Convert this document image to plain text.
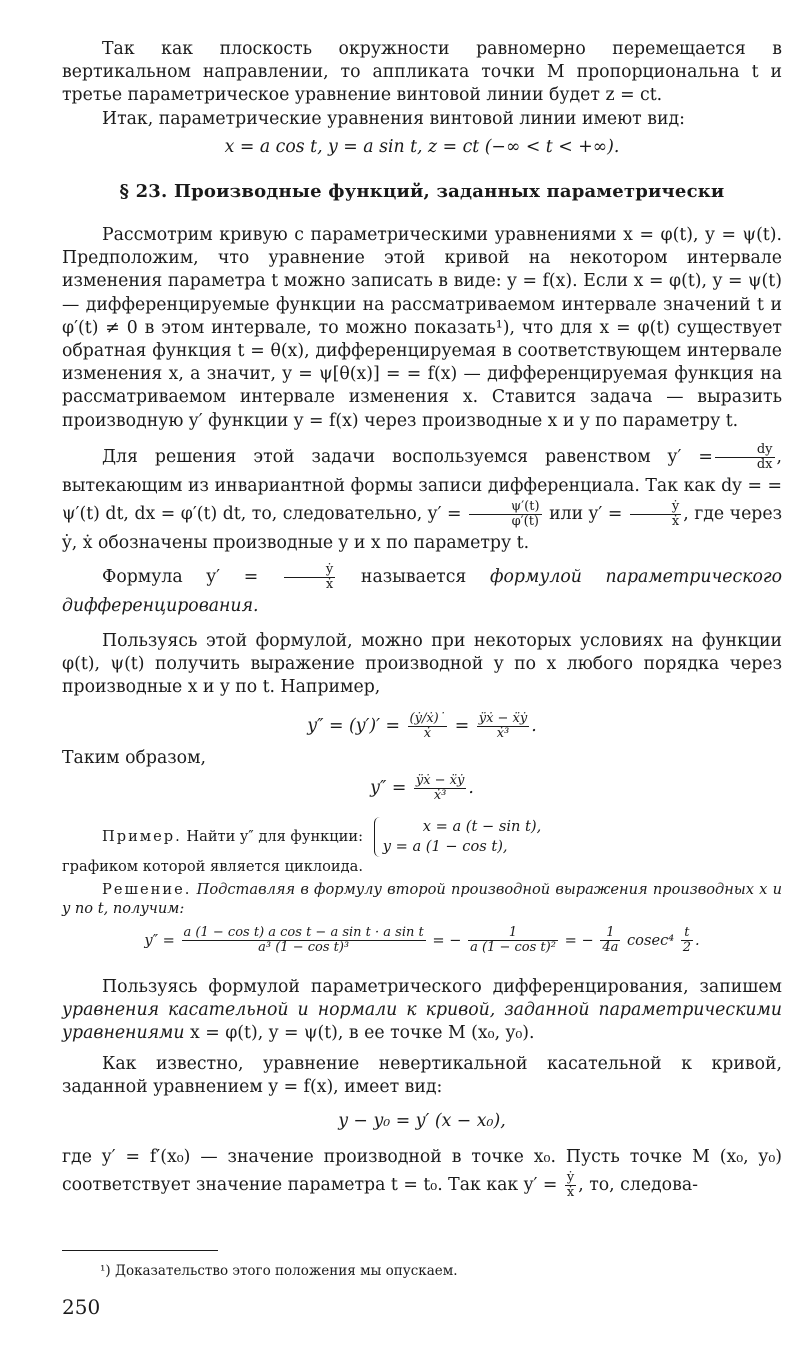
Так как плоскость окружности равномерно перемещается в вертикальном направлении, то аппликата точки M пропорциональна t и третье параметрическое уравнение винтовой линии будет z = ct.

Итак, параметрические уравнения винтовой линии имеют вид:

x = a cos t, y = a sin t, z = ct (−∞ < t < +∞).

§ 23. Производные функций, заданных параметрически

Рассмотрим кривую с параметрическими уравнениями x = φ(t), y = ψ(t). Предположим, что уравнение этой кривой на некотором интервале изменения параметра t можно записать в виде: y = f(x). Если x = φ(t), y = ψ(t) — дифференцируемые функции на рассматриваемом интервале значений t и φ′(t) ≠ 0 в этом интервале, то можно показать¹), что для x = φ(t) существует обратная функция t = θ(x), дифференцируемая в соответствующем интервале изменения x, а значит, y = ψ[θ(x)] = = f(x) — дифференцируемая функция на рассматриваемом интервале изменения x. Ставится задача — выразить производную y′ функции y = f(x) через производные x и y по параметру t.

Для решения этой задачи воспользуемся равенством $y' = \frac{dy}{dx}$ , вытекающим из инвариантной формы записи дифференциала. Так как dy = = ψ′(t) dt, dx = φ′(t) dt, то, следовательно, $y' = \frac{\psi'(t)}{\varphi'(t)}$ или $y' = \frac{\text{ẏ}}{\text{ẋ}}$ , где через ẏ, ẋ обозначены производные y и x по параметру t.

Формула $y' = \frac{\text{ẏ}}{\text{ẋ}}$ называется формулой параметрического дифференцирования.

Пользуясь этой формулой, можно при некоторых условиях на функции φ(t), ψ(t) получить выражение производной y по x любого порядка через производные x и y по t. Например,

$y'' = (y')' = \frac{\text{(ẏ/ẋ)˙}}{\text{ẋ}} = \frac{\text{ÿẋ − ẍẏ}}{\text{ẋ³}}$ .

Таким образом,

$y'' = \frac{\text{ÿẋ − ẍẏ}}{\text{ẋ³}}$ .

Пример. Найти y″ для функции: x = a (t − sin t),
y = a (1 − cos t),

графиком которой является циклоида.

Решение. Подставляя в формулу второй производной выражения производных x и y по t, получим:

$y'' = \frac{\text{a (1 − cos t) a cos t − a sin t · a sin t}}{\text{a³ (1 − cos t)³}}$ = − $\frac{1}{\text{a (1 − cos t)²}}$ = − $\frac{1}{4a} cosec^4 \frac{t}{2}$ .

Пользуясь формулой параметрического дифференцирования, запишем уравнения касательной и нормали к кривой, заданной параметрическими уравнениями x = φ(t), y = ψ(t), в ее точке M (x₀, y₀).

Как известно, уравнение невертикальной касательной к кривой, заданной уравнением y = f(x), имеет вид:

y − y₀ = y′ (x − x₀),

где y′ = f′(x₀) — значение производной в точке x₀. Пусть точке M (x₀, y₀) соответствует значение параметра t = t₀. Так как $y' = \frac{\text{ẏ}}{\text{ẋ}}$ , то, следова-

¹) Доказательство этого положения мы опускаем.
250
